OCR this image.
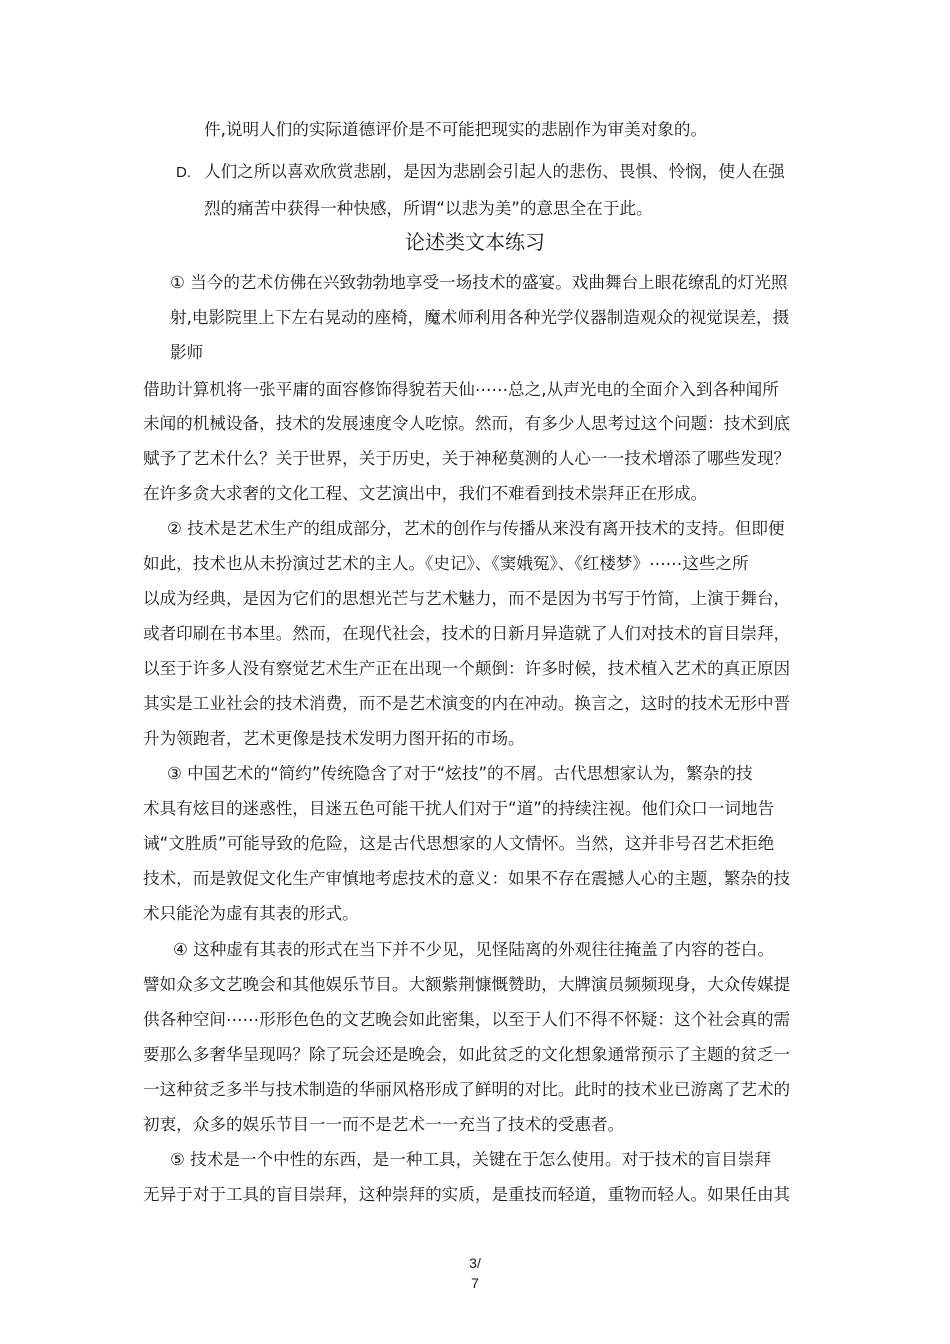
件,说明人们的实际道德评价是不可能把现实的悲剧作为审美对象的。
D. 人们之所以喜欢欣赏悲剧，是因为悲剧会引起人的悲伤、畏惧、怜悯，使人在强
烈的痛苦中获得一种快感，所谓“以悲为美”的意思全在于此。
论述类文本练习
① 当今的艺术仿佛在兴致勃勃地享受一场技术的盛宴。戏曲舞台上眼花缭乱的灯光照
射,电影院里上下左右晃动的座椅，魔术师利用各种光学仪器制造观众的视觉误差，摄
影师
借助计算机将一张平庸的面容修饰得貌若天仙⋯⋯总之,从声光电的全面介入到各种闻所
未闻的机械设备，技术的发展速度令人吃惊。然而，有多少人思考过这个问题：技术到底
赋予了艺术什么？关于世界，关于历史，关于神秘莫测的人心一一技术增添了哪些发现？
在许多贪大求奢的文化工程、文艺演出中，我们不难看到技术崇拜正在形成。
② 技术是艺术生产的组成部分，艺术的创作与传播从来没有离开技术的支持。但即便
如此，技术也从未扮演过艺术的主人。《史记》、《窦娥冤》、《红楼梦》⋯⋯这些之所
以成为经典，是因为它们的思想光芒与艺术魅力，而不是因为书写于竹简，上演于舞台，
或者印刷在书本里。然而，在现代社会，技术的日新月异造就了人们对技术的盲目崇拜，
以至于许多人没有察觉艺术生产正在出现一个颠倒：许多时候，技术植入艺术的真正原因
其实是工业社会的技术消费，而不是艺术演变的内在冲动。换言之，这时的技术无形中晋
升为领跑者，艺术更像是技术发明力图开拓的市场。
③ 中国艺术的“简约”传统隐含了对于“炫技”的不屑。古代思想家认为，繁杂的技
术具有炫目的迷惑性，目迷五色可能干扰人们对于“道”的持续注视。他们众口一词地告
诫“文胜质”可能导致的危险，这是古代思想家的人文情怀。当然，这并非号召艺术拒绝
技术，而是敦促文化生产审慎地考虑技术的意义：如果不存在震撼人心的主题，繁杂的技
术只能沦为虚有其表的形式。
④ 这种虚有其表的形式在当下并不少见，见怪陆离的外观往往掩盖了内容的苍白。
譬如众多文艺晚会和其他娱乐节目。大额紫荆慷慨赞助，大牌演员频频现身，大众传媒提
供各种空间⋯⋯形形色色的文艺晚会如此密集，以至于人们不得不怀疑：这个社会真的需
要那么多奢华呈现吗？除了玩会还是晚会，如此贫乏的文化想象通常预示了主题的贫乏一
一这种贫乏多半与技术制造的华丽风格形成了鲜明的对比。此时的技术业已游离了艺术的
初衷，众多的娱乐节目一一而不是艺术一一充当了技术的受惠者。
⑤ 技术是一个中性的东西，是一种工具，关键在于怎么使用。对于技术的盲目崇拜
无异于对于工具的盲目崇拜，这种崇拜的实质，是重技而轻道，重物而轻人。如果任由其
3/
7
